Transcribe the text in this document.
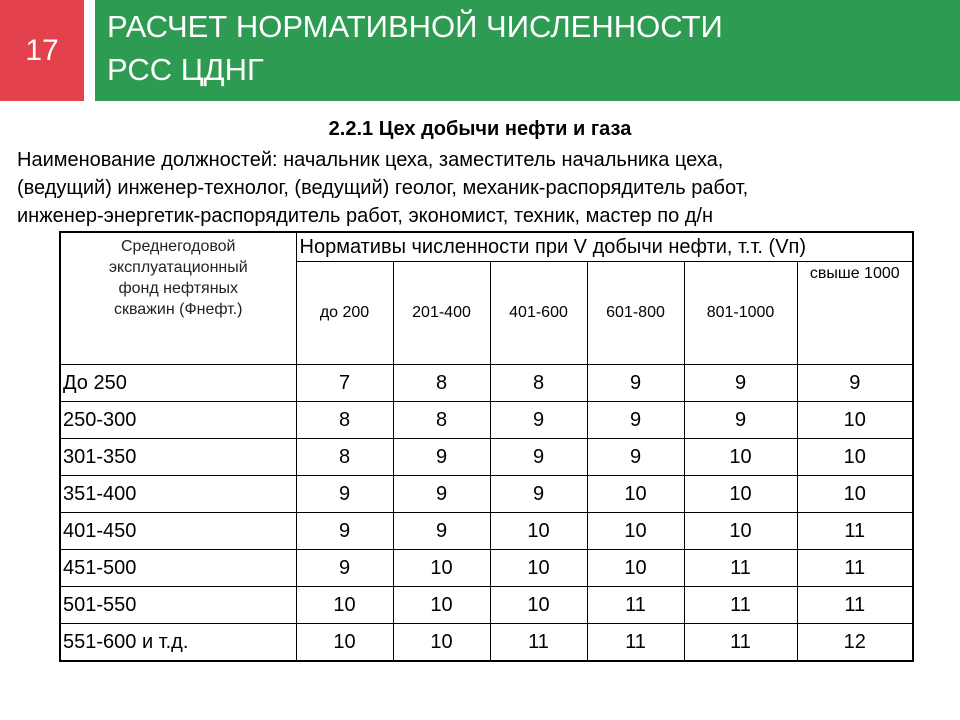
17
РАСЧЕТ НОРМАТИВНОЙ ЧИСЛЕННОСТИ
РСС ЦДНГ
2.2.1 Цех добычи нефти и газа
Наименование должностей: начальник цеха, заместитель начальника цеха,
(ведущий) инженер-технолог, (ведущий) геолог, механик-распорядитель работ,
инженер-энергетик-распорядитель работ, экономист, техник, мастер по д/н
Среднегодовой
эксплуатационный
фонд нефтяных
скважин (Фнефт.)	Нормативы численности при V добычи нефти, т.т. (Vп)					
	до 200	201-400	401-600	601-800	801-1000	свыше 1000
До 250	7	8	8	9	9	9
250-300	8	8	9	9	9	10
301-350	8	9	9	9	10	10
351-400	9	9	9	10	10	10
401-450	9	9	10	10	10	11
451-500	9	10	10	10	11	11
501-550	10	10	10	11	11	11
551-600 и т.д.	10	10	11	11	11	12
